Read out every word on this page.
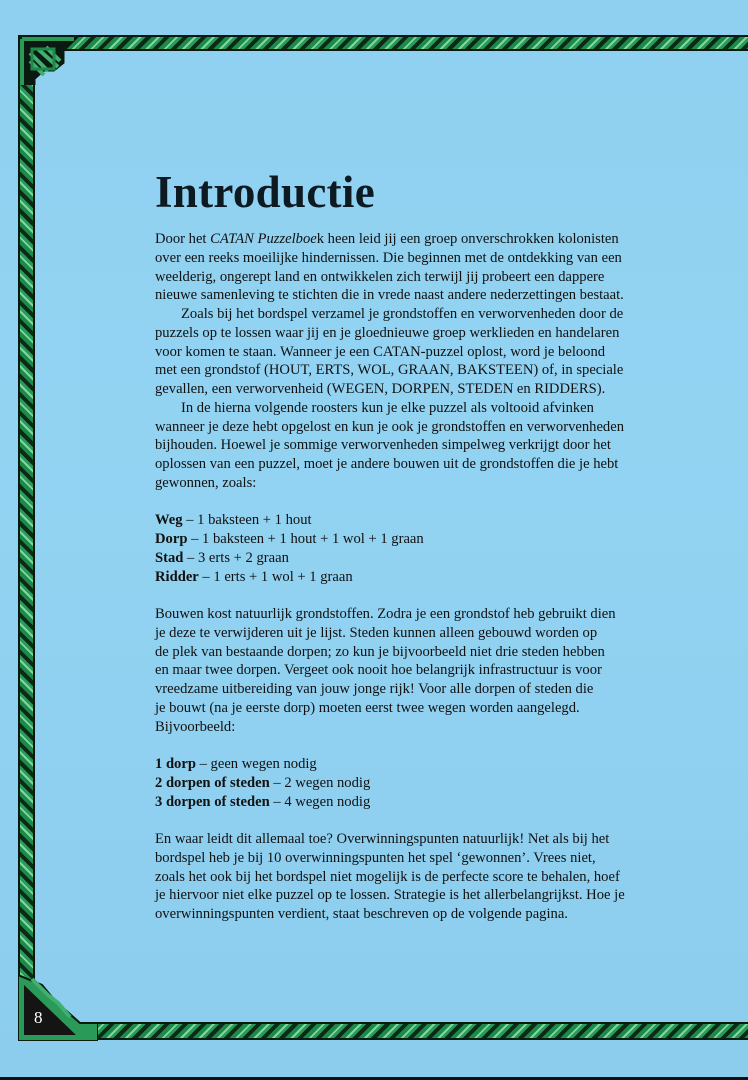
8
Introductie
Door het CATAN Puzzelboek heen leid jij een groep onverschrokken kolonisten
over een reeks moeilijke hindernissen. Die beginnen met de ontdekking van een
weelderig, ongerept land en ontwikkelen zich terwijl jij probeert een dappere
nieuwe samenleving te stichten die in vrede naast andere nederzettingen bestaat.
Zoals bij het bordspel verzamel je grondstoffen en verworvenheden door de
puzzels op te lossen waar jij en je gloednieuwe groep werklieden en handelaren
voor komen te staan. Wanneer je een CATAN-puzzel oplost, word je beloond
met een grondstof (HOUT, ERTS, WOL, GRAAN, BAKSTEEN) of, in speciale
gevallen, een verworvenheid (WEGEN, DORPEN, STEDEN en RIDDERS).
In de hierna volgende roosters kun je elke puzzel als voltooid afvinken
wanneer je deze hebt opgelost en kun je ook je grondstoffen en verworvenheden
bijhouden. Hoewel je sommige verworvenheden simpelweg verkrijgt door het
oplossen van een puzzel, moet je andere bouwen uit de grondstoffen die je hebt
gewonnen, zoals:
Weg – 1 baksteen + 1 hout
Dorp – 1 baksteen + 1 hout + 1 wol + 1 graan
Stad – 3 erts + 2 graan
Ridder – 1 erts + 1 wol + 1 graan
Bouwen kost natuurlijk grondstoffen. Zodra je een grondstof heb gebruikt dien
je deze te verwijderen uit je lijst. Steden kunnen alleen gebouwd worden op
de plek van bestaande dorpen; zo kun je bijvoorbeeld niet drie steden hebben
en maar twee dorpen. Vergeet ook nooit hoe belangrijk infrastructuur is voor
vreedzame uitbereiding van jouw jonge rijk! Voor alle dorpen of steden die
je bouwt (na je eerste dorp) moeten eerst twee wegen worden aangelegd.
Bijvoorbeeld:
1 dorp – geen wegen nodig
2 dorpen of steden – 2 wegen nodig
3 dorpen of steden – 4 wegen nodig
En waar leidt dit allemaal toe? Overwinningspunten natuurlijk! Net als bij het
bordspel heb je bij 10 overwinningspunten het spel ‘gewonnen’. Vrees niet,
zoals het ook bij het bordspel niet mogelijk is de perfecte score te behalen, hoef
je hiervoor niet elke puzzel op te lossen. Strategie is het allerbelangrijkst. Hoe je
overwinningspunten verdient, staat beschreven op de volgende pagina.
